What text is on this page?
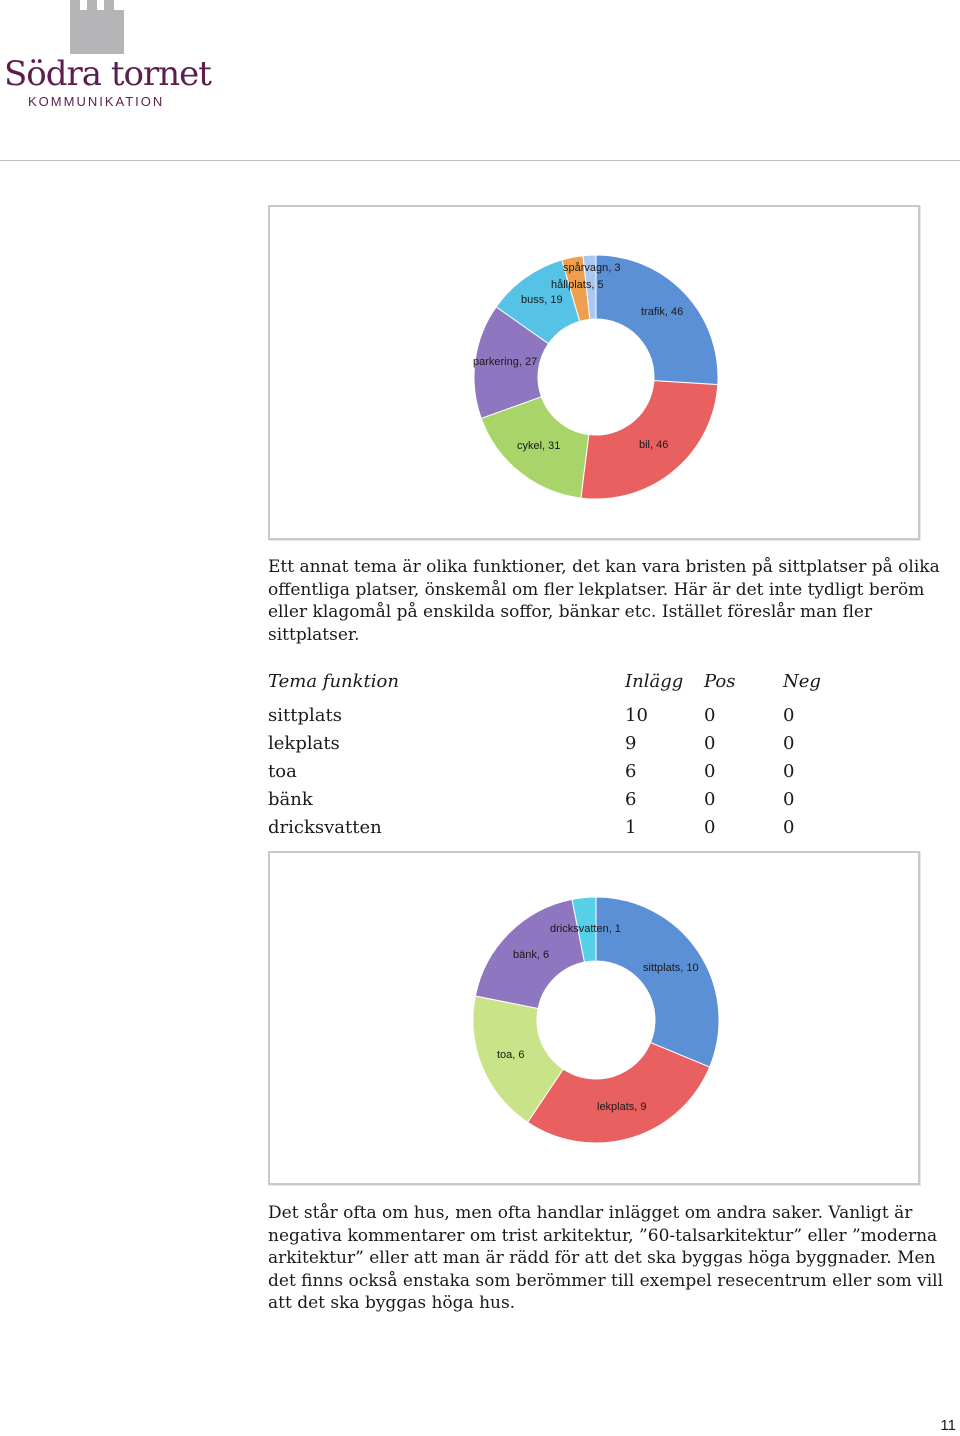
Södra tornet
KOMMUNIKATION
trafik, 46
bil, 46
cykel, 31
parkering, 27
buss, 19
hållplats, 5
spårvagn, 3

Ett annat tema är olika funktioner, det kan vara bristen på sittplatser på olika offentliga platser, önskemål om fler lekplatser. Här är det inte tydligt beröm eller klagomål på enskilda soffor, bänkar etc. Istället föreslår man fler sittplatser.

Tema funktion	Inlägg	Pos	Neg
sittplats	10	0	0
lekplats	9	0	0
toa	6	0	0
bänk	6	0	0
dricksvatten	1	0	0
sittplats, 10
lekplats, 9
toa, 6
bänk, 6
dricksvatten, 1

Det står ofta om hus, men ofta handlar inlägget om andra saker. Vanligt är negativa kommentarer om trist arkitektur, ”60-talsarkitektur” eller ”moderna arkitektur” eller att man är rädd för att det ska byggas höga byggnader. Men det finns också enstaka som berömmer till exempel resecentrum eller som vill att det ska byggas höga hus.

11
